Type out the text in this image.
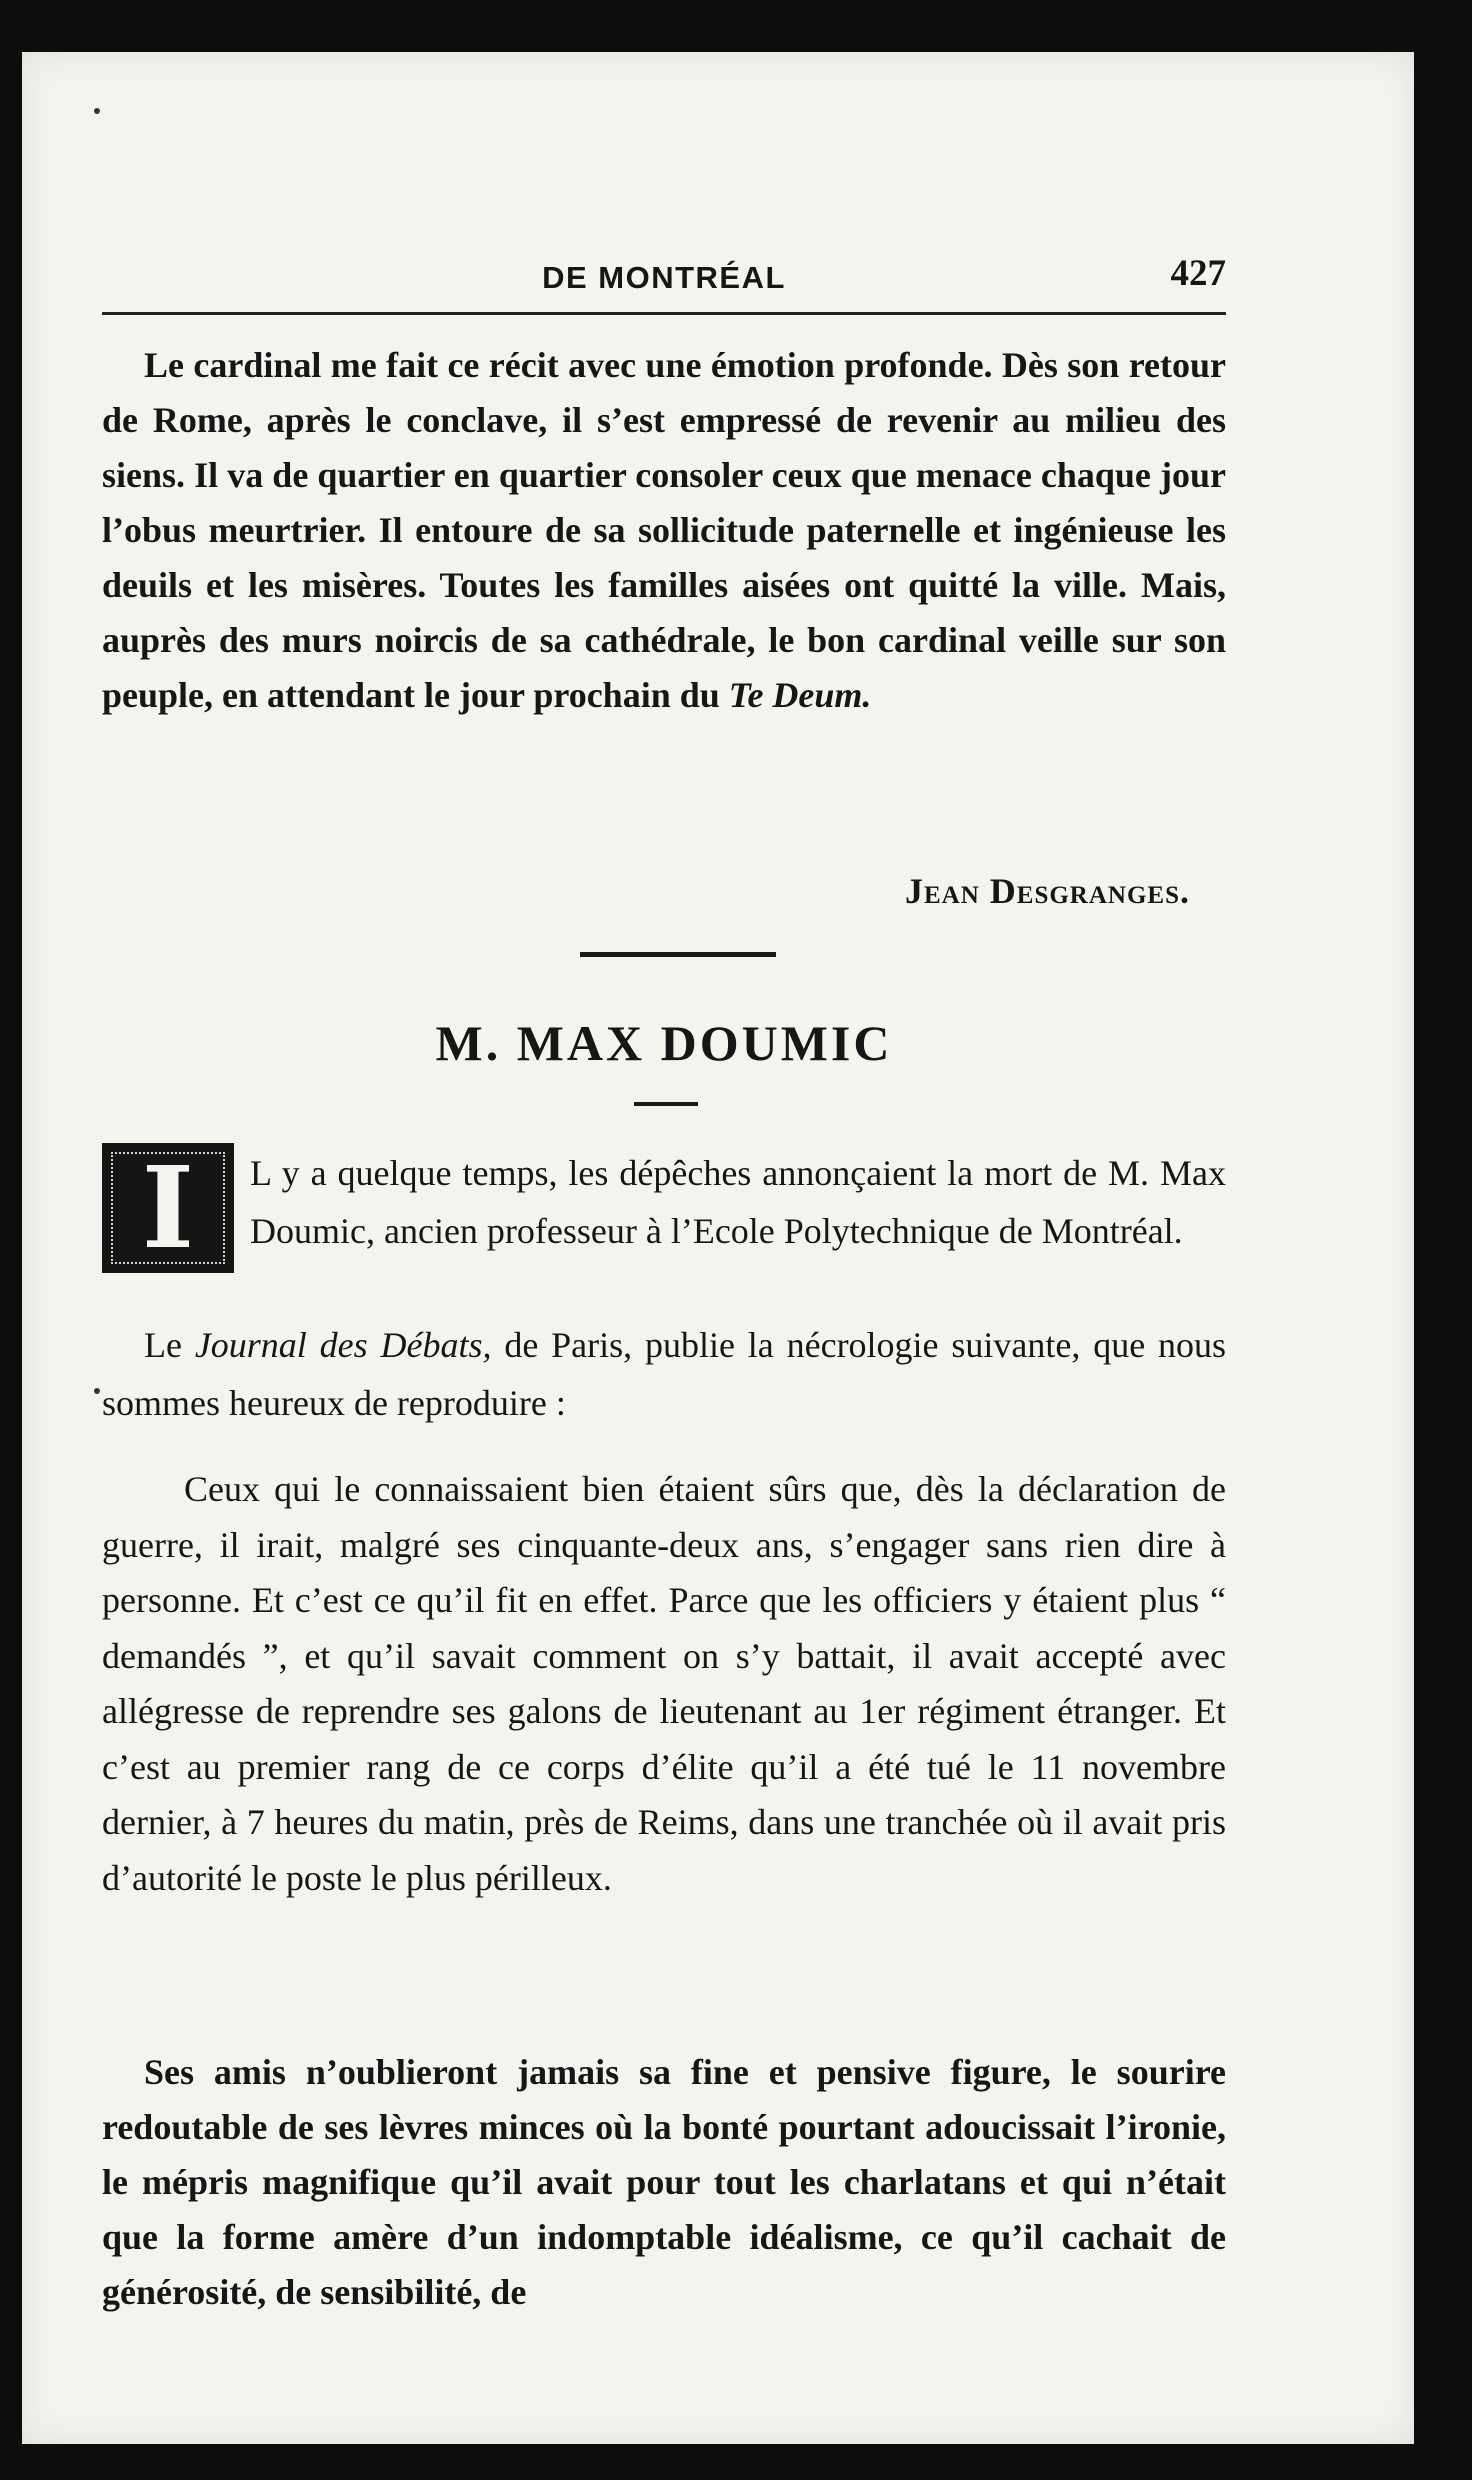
DE MONTRÉAL	427

Le cardinal me fait ce récit avec une émotion profonde. Dès son retour de Rome, après le conclave, il s’est empressé de revenir au milieu des siens. Il va de quartier en quartier consoler ceux que menace chaque jour l’obus meurtrier. Il entoure de sa sollicitude paternelle et ingénieuse les deuils et les misères. Toutes les familles aisées ont quitté la ville. Mais, auprès des murs noircis de sa cathédrale, le bon cardinal veille sur son peuple, en attendant le jour prochain du Te Deum.

Jean Desgranges.
M. MAX DOUMIC
I	L y a quelque temps, les dépêches annonçaient la mort de M. Max Doumic, ancien professeur à l’Ecole Polytechnique de Montréal.

Le Journal des Débats, de Paris, publie la nécrologie suivante, que nous sommes heureux de reproduire :

Ceux qui le connaissaient bien étaient sûrs que, dès la déclaration de guerre, il irait, malgré ses cinquante-deux ans, s’engager sans rien dire à personne. Et c’est ce qu’il fit en effet. Parce que les officiers y étaient plus “ demandés ”, et qu’il savait comment on s’y battait, il avait accepté avec allégresse de reprendre ses galons de lieutenant au 1er régiment étranger. Et c’est au premier rang de ce corps d’élite qu’il a été tué le 11 novembre dernier, à 7 heures du matin, près de Reims, dans une tranchée où il avait pris d’autorité le poste le plus périlleux.

Ses amis n’oublieront jamais sa fine et pensive figure, le sourire redoutable de ses lèvres minces où la bonté pourtant adoucissait l’ironie, le mépris magnifique qu’il avait pour tout les charlatans et qui n’était que la forme amère d’un indomptable idéalisme, ce qu’il cachait de générosité, de sensibilité, de
